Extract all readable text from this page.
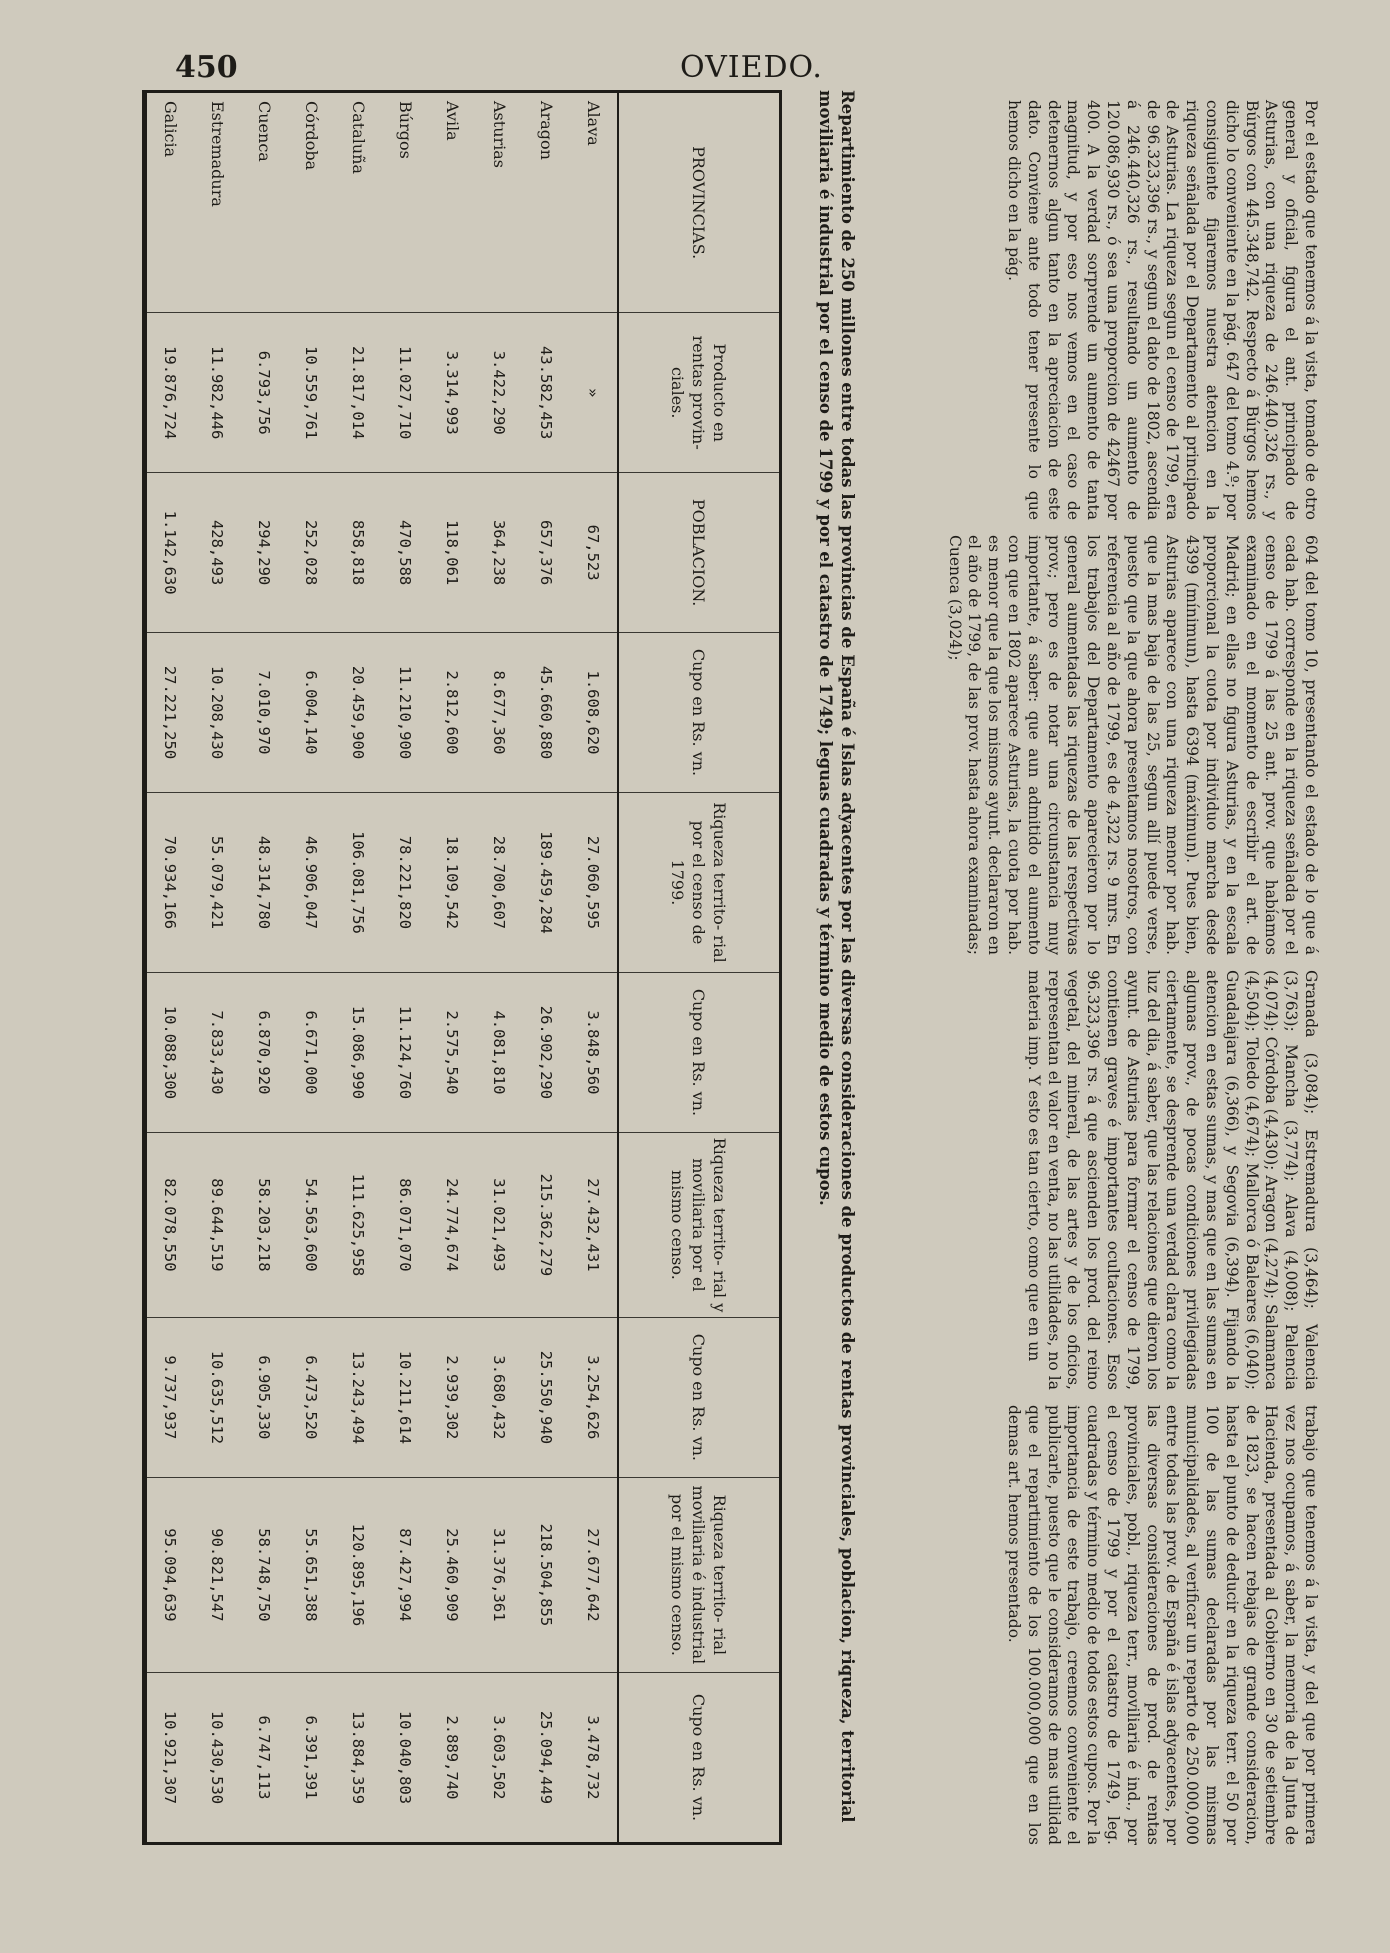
450	OVIEDO.

Por el estado que tenemos á la vista, tomado de otro general y oficial, figura el ant. principado de Asturias, con una riqueza de 246.440,326 rs., y Búrgos con 445.348,742. Respecto á Búrgos hemos dicho lo conveniente en la pág. 647 del tomo 4.º; por consiguiente fijaremos nuestra atencion en la riqueza señalada por el Departamento al principado de Asturias. La riqueza segun el censo de 1799, era de 96.323,396 rs., y segun el dato de 1802, ascendia á 246.440,326 rs., resultando un aumento de 120.086,930 rs., ó sea una proporcion de 42467 por 400. A la verdad sorprende un aumento de tanta magnitud, y por eso nos vemos en el caso de detenernos algun tanto en la apreciacion de este dato. Conviene ante todo tener presente lo que hemos dicho en la pág.

604 del tomo 10, presentando el estado de lo que á cada hab. corresponde en la riqueza señalada por el censo de 1799 á las 25 ant. prov. que habíamos examinado en el momento de escribir el art. de Madrid; en ellas no figura Asturias, y en la escala proporcional la cuota por individuo marcha desde 4399 (mínimun), hasta 6394 (máximun). Pues bien, Asturias aparece con una riqueza menor por hab. que la mas baja de las 25, segun allí puede verse, puesto que la que ahora presentamos nosotros, con referencia al año de 1799, es de 4,322 rs. 9 mrs. En los trabajos del Departamento aparecieron por lo general aumentadas las riquezas de las respectivas prov.; pero es de notar una circunstancia muy importante, á saber: que aun admitido el aumento con que en 1802 aparece Asturias, la cuota por hab. es menor que la que los mismos ayunt. declararon en el año de 1799, de las prov. hasta ahora examinadas; Cuenca (3,024);

Granada (3,084); Estremadura (3,464); Valencia (3,763); Mancha (3,774); Alava (4,008); Palencia (4,074); Córdoba (4,430); Aragon (4,274); Salamanca (4,504); Toledo (4,674); Mallorca ó Baleares (6,040); Guadalajara (6,366), y Segovia (6,394). Fijando la atencion en estas sumas, y mas que en las sumas en algunas prov., de pocas condiciones privilegiadas ciertamente, se desprende una verdad clara como la luz del dia, á saber, que las relaciones que dieron los ayunt. de Asturias para formar el censo de 1799, contienen graves é importantes ocultaciones. Esos 96.323,396 rs. á que ascienden los prod. del reino vegetal, del mineral, de las artes y de los oficios, representan el valor en venta, no las utilidades, no la materia imp. Y esto es tan cierto, como que en un

trabajo que tenemos á la vista, y del que por primera vez nos ocupamos, á saber, la memoria de la Junta de Hacienda, presentada al Gobierno en 30 de setiembre de 1823, se hacen rebajas de grande consideracion, hasta el punto de deducir en la riqueza terr. el 50 por 100 de las sumas declaradas por las mismas municipalidades, al verificar un reparto de 250.000,000 entre todas las prov. de España é islas adyacentes, por las diversas consideraciones de prod. de rentas provinciales, pobl., riqueza terr., moviliaria é ind., por el censo de 1799 y por el catastro de 1749, leg. cuadradas y término medio de todos estos cupos. Por la importancia de este trabajo, creemos conveniente el publicarle, puesto que le consideramos de mas utilidad que el repartimiento de los 100.000,000 que en los demas art. hemos presentado.

Repartimiento de 250 millones entre todas las provincias de España é Islas adyacentes por las diversas consideraciones de productos de rentas provinciales, poblacion, riqueza, territorial moviliaria é industrial por el censo de 1799 y por el catastro de 1749; leguas cuadradas y término medio de estos cupos.
PROVINCIAS.	Producto en rentas provin- ciales.	POBLACION.	Cupo en Rs. vn.	Riqueza territo- rial por el censo de 1799.	Cupo en Rs. vn.	Riqueza territo- rial y moviliaria por el mismo censo.	Cupo en Rs. vn.	Riqueza territo- rial moviliaria é industrial por el mismo censo.	Cupo en Rs. vn.
Alava	»	67,523	1.608,620	27.060,595	3.848,560	27.432,431	3.254,626	27.677,642	3.478,732
Aragon	43.582,453	657,376	45.660,880	189.459,284	26.902,290	215.362,279	25.550,940	218.504,855	25.094,449
Asturias	3.422,290	364,238	8.677,360	28.700,607	4.081,810	31.021,493	3.680,432	31.376,361	3.603,502
Avila	3.314,993	118,061	2.812,600	18.109,542	2.575,540	24.774,674	2.939,302	25.460,909	2.889,740
Búrgos	11.027,710	470,588	11.210,900	78.221,820	11.124,760	86.071,070	10.211,614	87.427,994	10.040,803
Cataluña	21.817,014	858,818	20.459,900	106.081,756	15.086,990	111.625,958	13.243,494	120.895,196	13.884,359
Córdoba	10.559,761	252,028	6.004,140	46.906,047	6.671,000	54.563,600	6.473,520	55.651,388	6.391,391
Cuenca	6.793,756	294,290	7.010,970	48.314,780	6.870,920	58.203,218	6.905,330	58.748,750	6.747,113
Estremadura	11.982,446	428,493	10.208,430	55.079,421	7.833,430	89.644,519	10.635,512	90.821,547	10.430,530
Galicia	19.876,724	1.142,630	27.221,250	70.934,166	10.088,300	82.078,550	9.737,937	95.094,639	10.921,307
